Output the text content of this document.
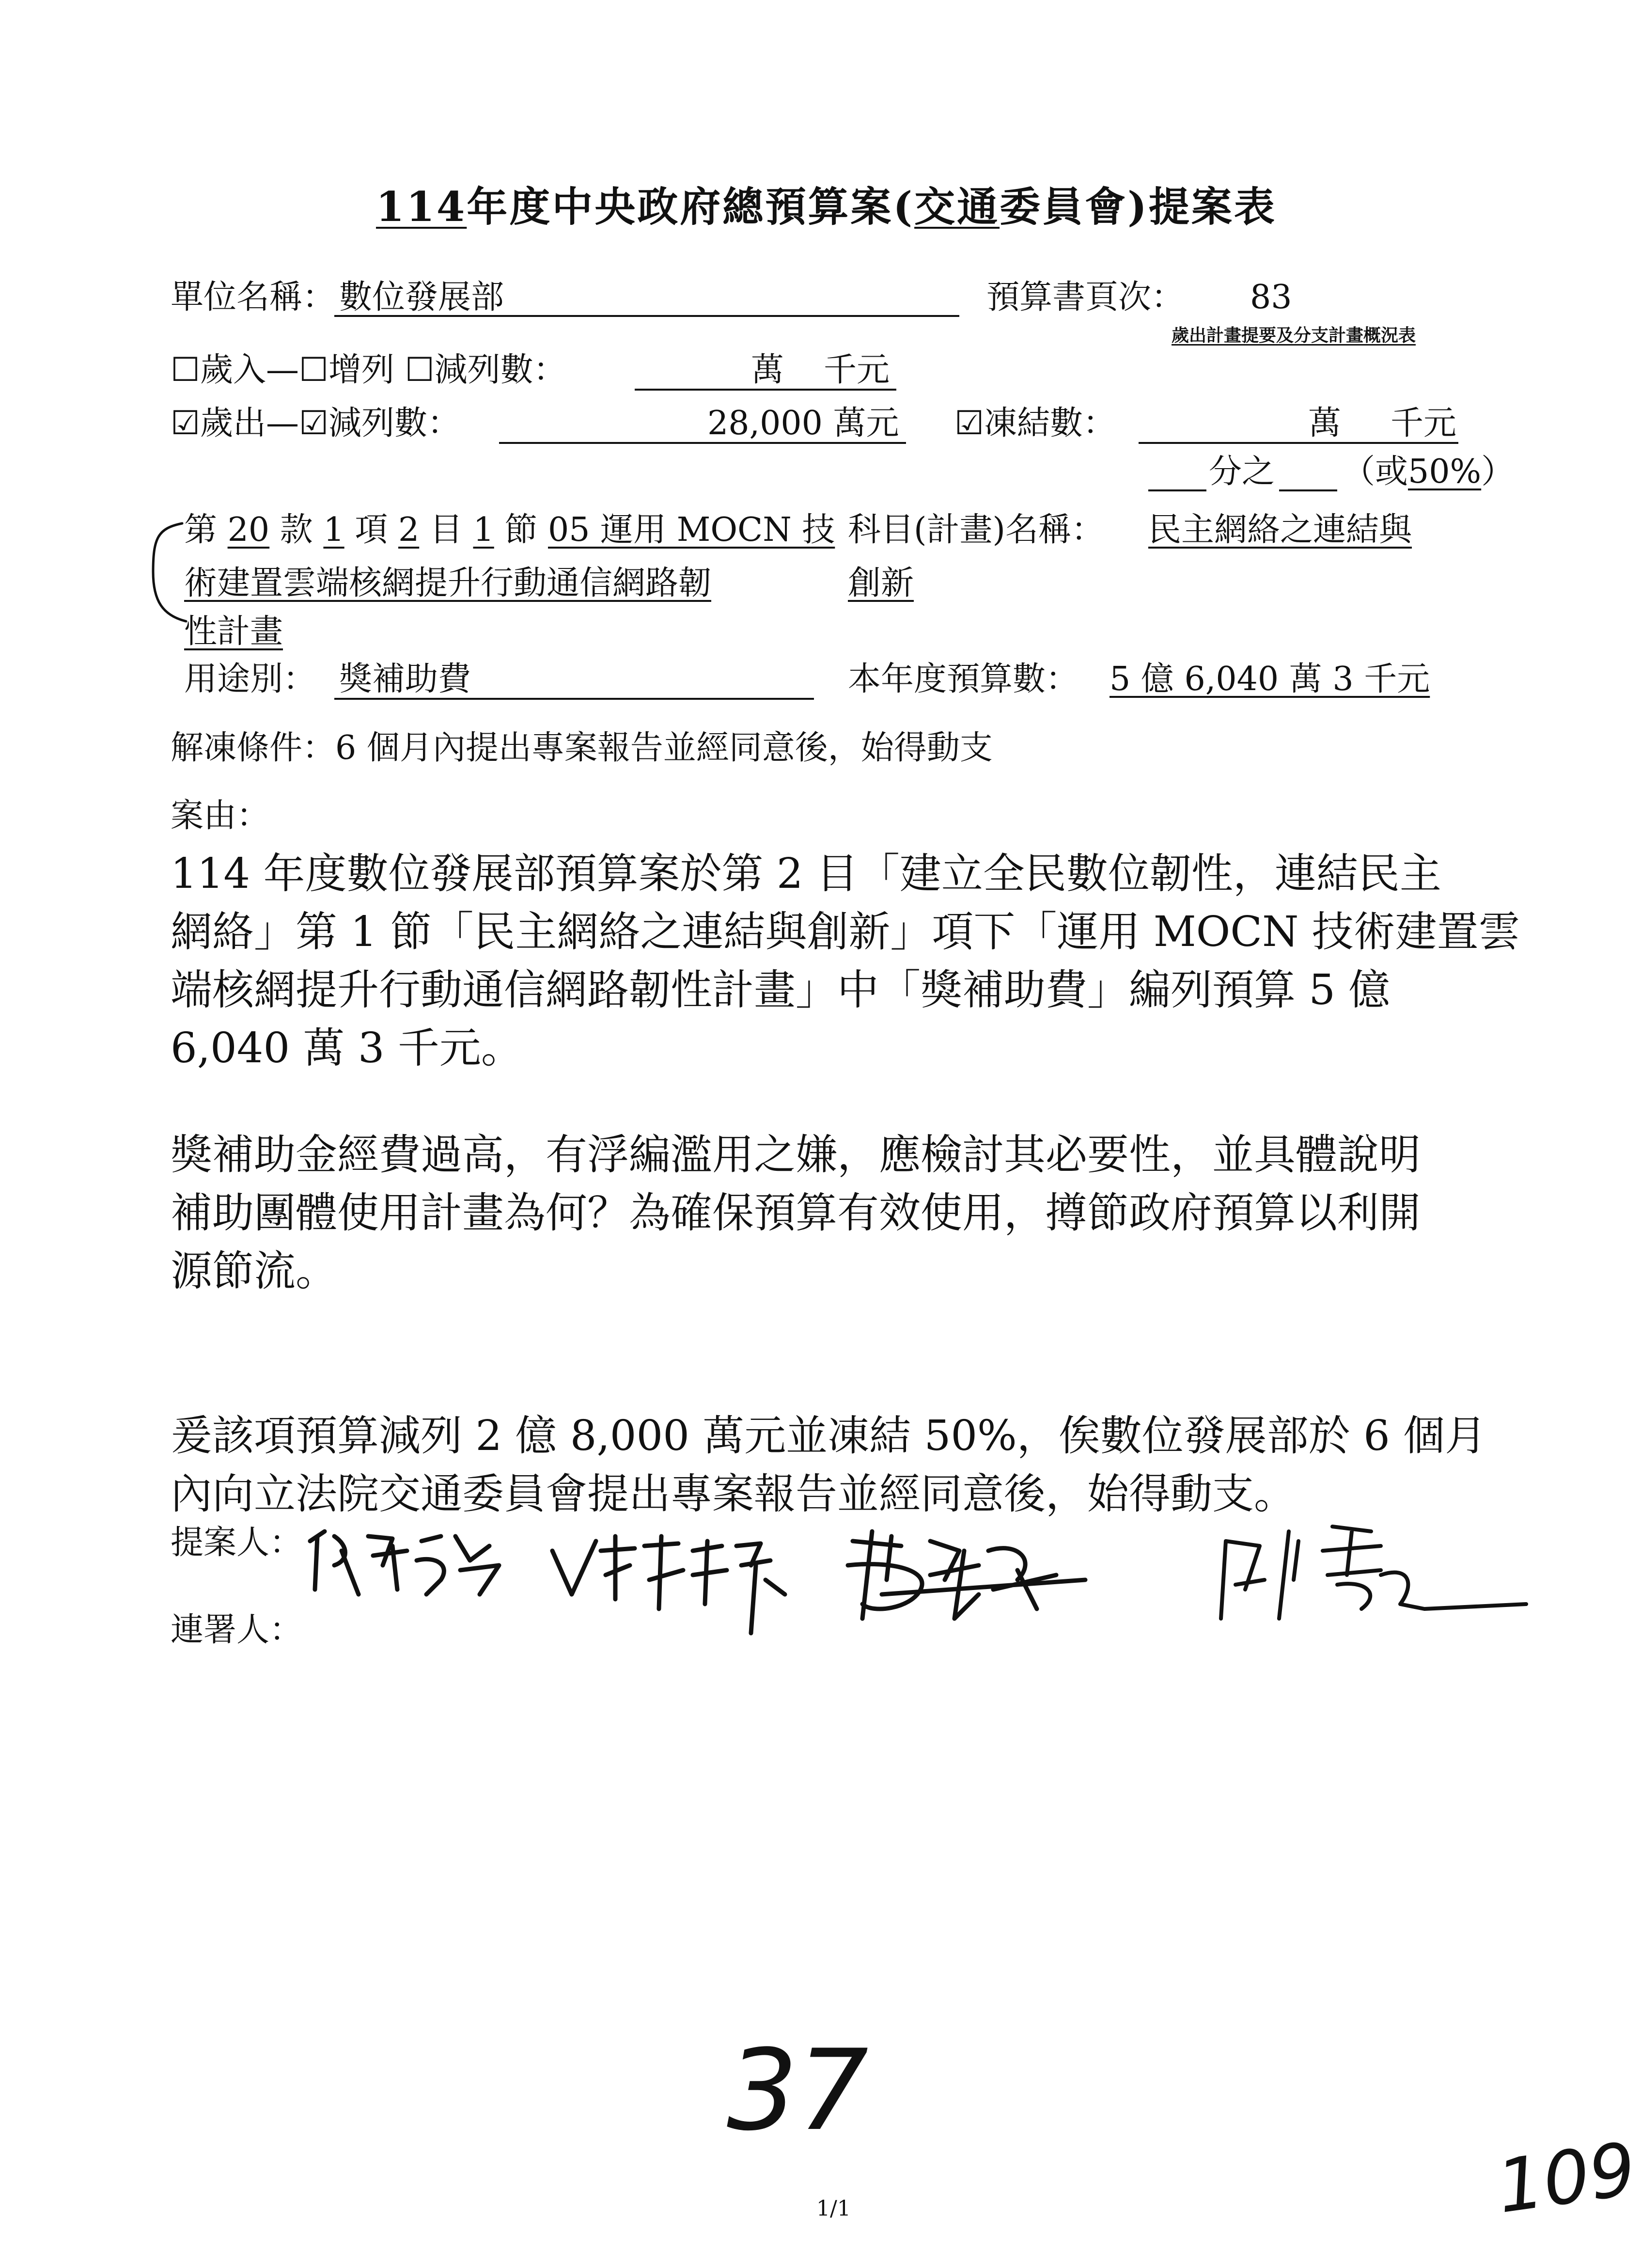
114年度中央政府總預算案(交通委員會)提案表
單位名稱： 數位發展部	預算書頁次： 83
歲出計畫提要及分支計畫概況表
☐歲入—☐增列 ☐減列數：	萬 千元
☑歲出—☑減列數：	28,000 萬元 ☑凍結數：	萬 千元
分之 （或50%）
第 20 款 1 項 2 目 1 節 05 運用 MOCN 技
術建置雲端核網提升行動通信網路韌
性計畫
科目(計畫)名稱： 民主網絡之連結與
創新
用途別： 獎補助費	本年度預算數： 5 億 6,040 萬 3 千元
解凍條件：6 個月內提出專案報告並經同意後，始得動支
案由：
114 年度數位發展部預算案於第 2 目「建立全民數位韌性，連結民主
網絡」第 1 節「民主網絡之連結與創新」項下「運用 MOCN 技術建置雲
端核網提升行動通信網路韌性計畫」中「獎補助費」編列預算 5 億
6,040 萬 3 千元。
獎補助金經費過高，有浮編濫用之嫌，應檢討其必要性，並具體說明
補助團體使用計畫為何？為確保預算有效使用，撙節政府預算以利開
源節流。
爰該項預算減列 2 億 8,000 萬元並凍結 50%，俟數位發展部於 6 個月
內向立法院交通委員會提出專案報告並經同意後，始得動支。
提案人：
連署人：
37
1/1	109
